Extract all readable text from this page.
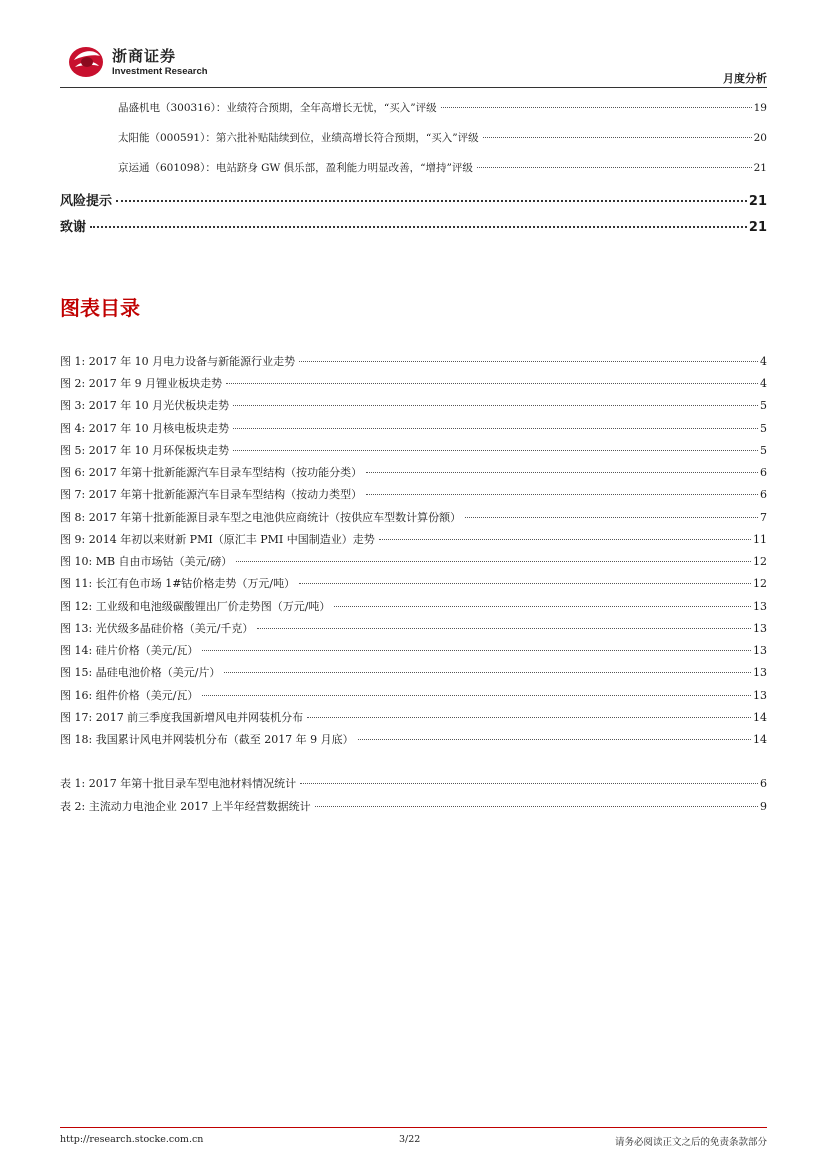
浙商证券
Investment Research
月度分析
晶盛机电（300316）：业绩符合预期，全年高增长无忧，“买入”评级	19
太阳能（000591）：第六批补贴陆续到位，业绩高增长符合预期，“买入”评级	20
京运通（601098）：电站跻身 GW 俱乐部，盈利能力明显改善，“增持”评级	21
风险提示	21
致谢	21
图表目录
图 1: 2017 年 10 月电力设备与新能源行业走势	4
图 2: 2017 年 9 月锂业板块走势	4
图 3: 2017 年 10 月光伏板块走势	5
图 4: 2017 年 10 月核电板块走势	5
图 5: 2017 年 10 月环保板块走势	5
图 6: 2017 年第十批新能源汽车目录车型结构（按功能分类）	6
图 7: 2017 年第十批新能源汽车目录车型结构（按动力类型）	6
图 8: 2017 年第十批新能源目录车型之电池供应商统计（按供应车型数计算份额）	7
图 9: 2014 年初以来财新 PMI（原汇丰 PMI 中国制造业）走势	11
图 10: MB 自由市场钴（美元/磅）	12
图 11: 长江有色市场 1#钴价格走势（万元/吨）	12
图 12: 工业级和电池级碳酸锂出厂价走势图（万元/吨）	13
图 13: 光伏级多晶硅价格（美元/千克）	13
图 14: 硅片价格（美元/瓦）	13
图 15: 晶硅电池价格（美元/片）	13
图 16: 组件价格（美元/瓦）	13
图 17: 2017 前三季度我国新增风电并网装机分布	14
图 18: 我国累计风电并网装机分布（截至 2017 年 9 月底）	14
表 1: 2017 年第十批目录车型电池材料情况统计	6
表 2: 主流动力电池企业 2017 上半年经营数据统计	9
http://research.stocke.com.cn	3/22	请务必阅读正文之后的免责条款部分
